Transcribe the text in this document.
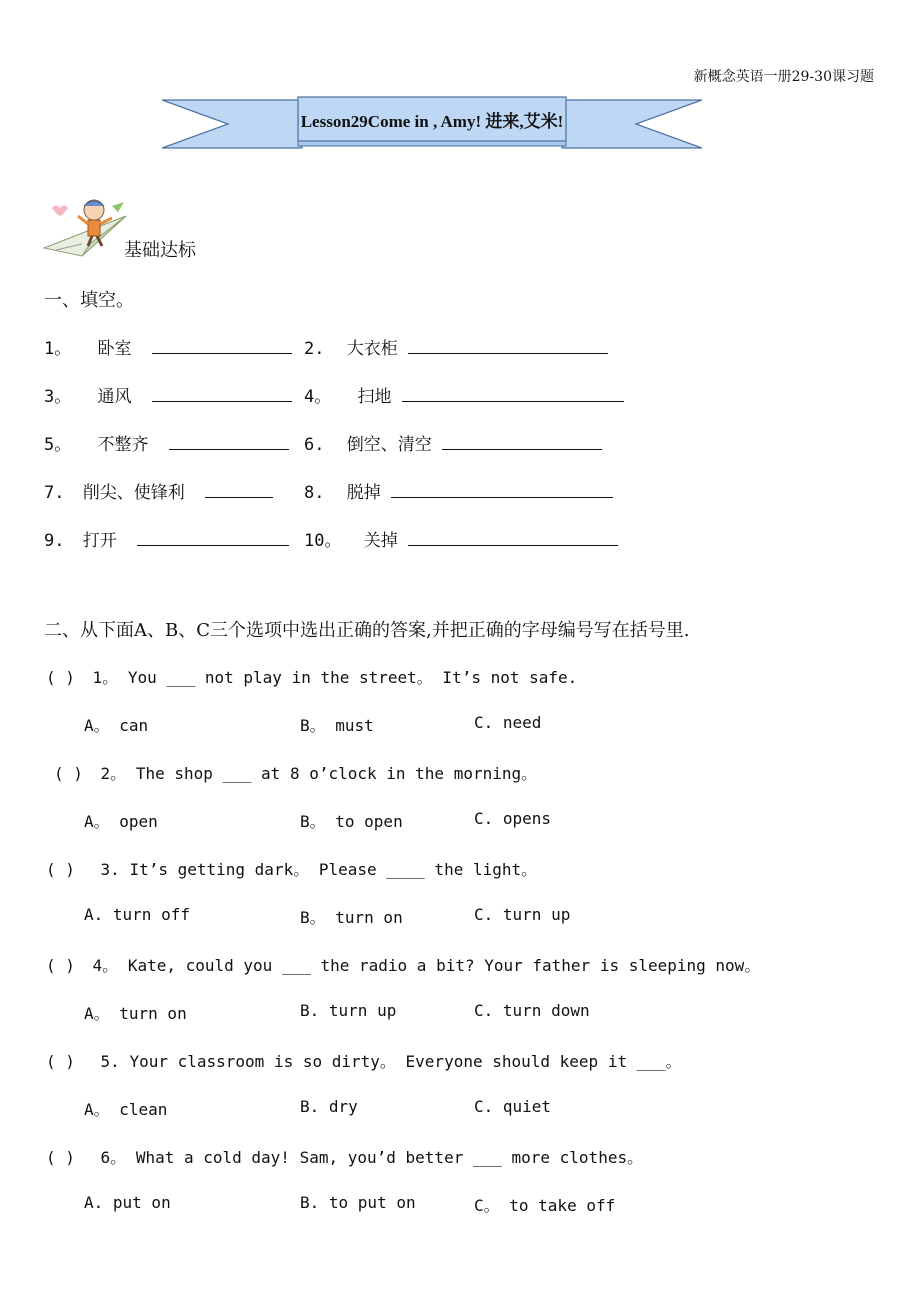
新概念英语一册29-30课习题
Lesson29Come in , Amy! 进来,艾米!
基础达标
一、填空。
1。 卧室	2. 大衣柜
3。 通风	4。 扫地
5。 不整齐	6. 倒空、清空
7. 削尖、使锋利	8. 脱掉
9. 打开	10。 关掉
二、从下面A、B、C三个选项中选出正确的答案,并把正确的字母编号写在括号里.
( ) 1。 You ___ not play in the street。 It’s not safe.
A。 can	B。 must	C. need
( ) 2。 The shop ___ at 8 o’clock in the morning。
A。 open	B。 to open	C. opens
( ) 3. It’s getting dark。 Please ____ the light。
A. turn off	B。 turn on	C. turn up
( ) 4。 Kate, could you ___ the radio a bit? Your father is sleeping now。
A。 turn on	B. turn up	C. turn down
( ) 5. Your classroom is so dirty。 Everyone should keep it ___。
A。 clean	B. dry	C. quiet
( ) 6。 What a cold day! Sam, you’d better ___ more clothes。
A. put on	B. to put on	C。 to take off
